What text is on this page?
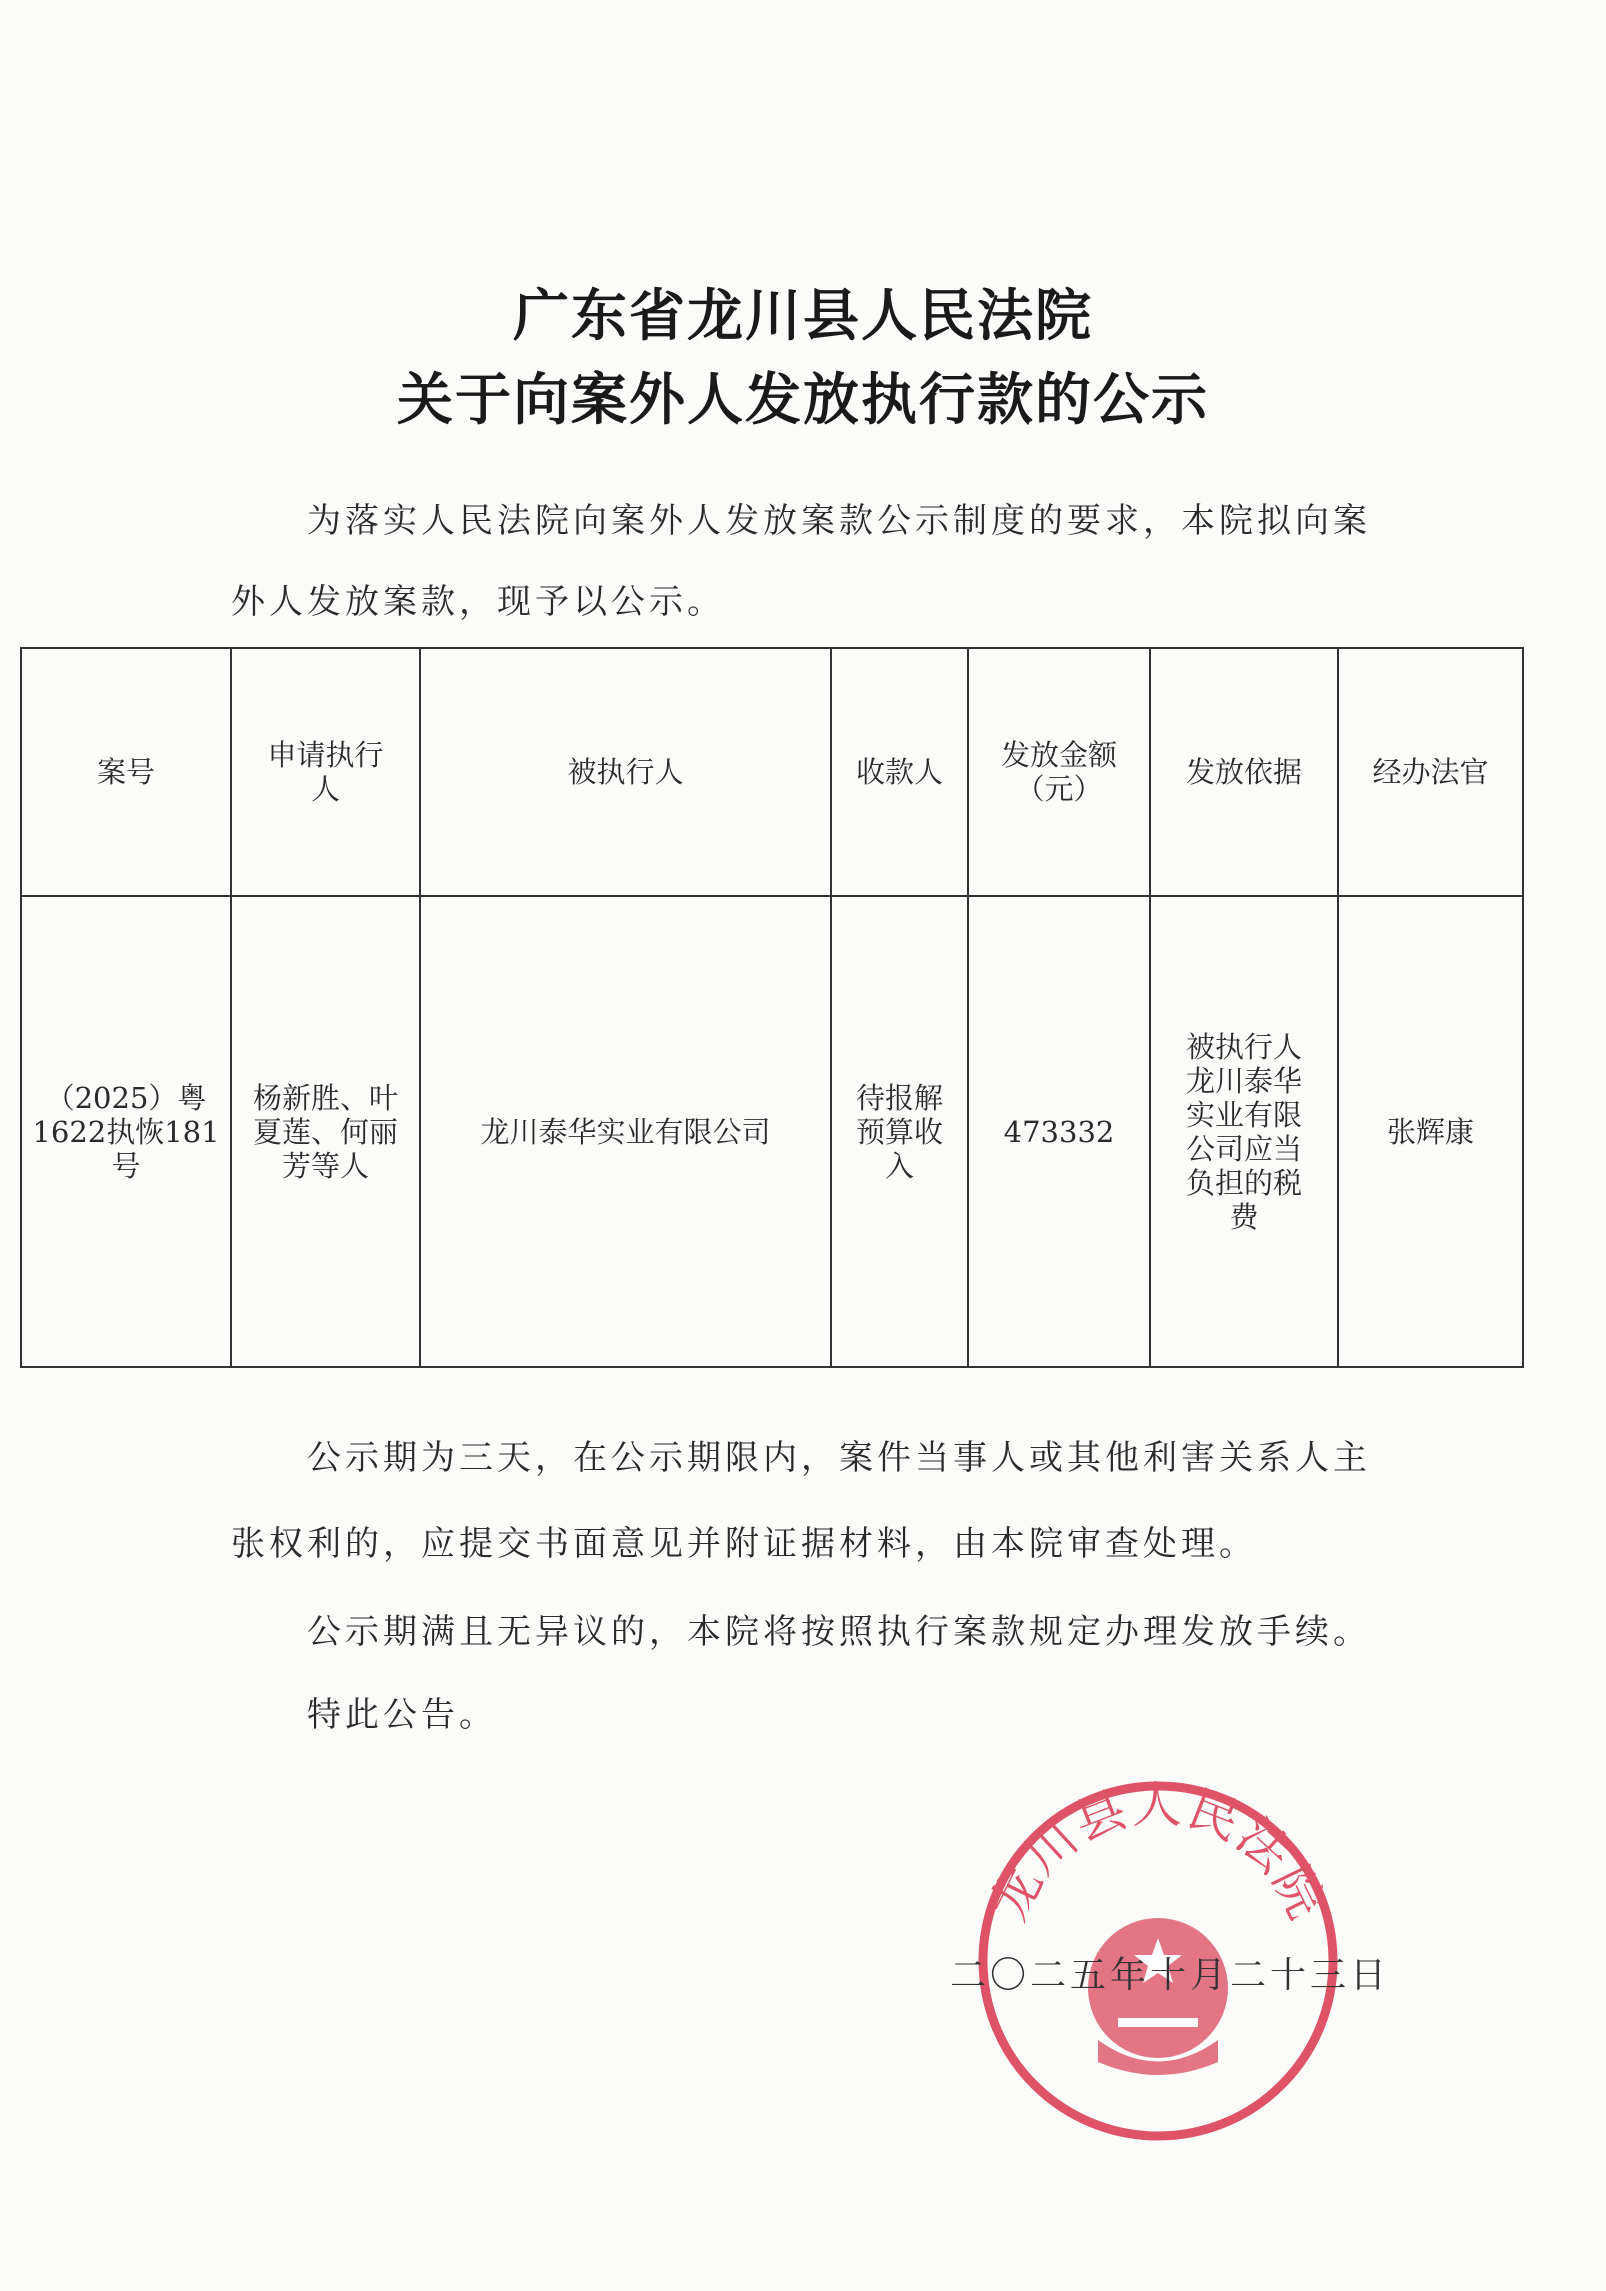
广东省龙川县人民法院
关于向案外人发放执行款的公示
为落实人民法院向案外人发放案款公示制度的要求，本院拟向案
外人发放案款，现予以公示。
案号	申请执行人	被执行人	收款人	发放金额（元）	发放依据	经办法官
（2025）粤1622执恢181号	杨新胜、叶夏莲、何丽芳等人	龙川泰华实业有限公司	待报解预算收入	473332	被执行人龙川泰华实业有限公司应当负担的税费	张辉康
公示期为三天，在公示期限内，案件当事人或其他利害关系人主
张权利的，应提交书面意见并附证据材料，由本院审查处理。
公示期满且无异议的，本院将按照执行案款规定办理发放手续。
特此公告。
龙川县人民法院
二〇二五年十月二十三日
